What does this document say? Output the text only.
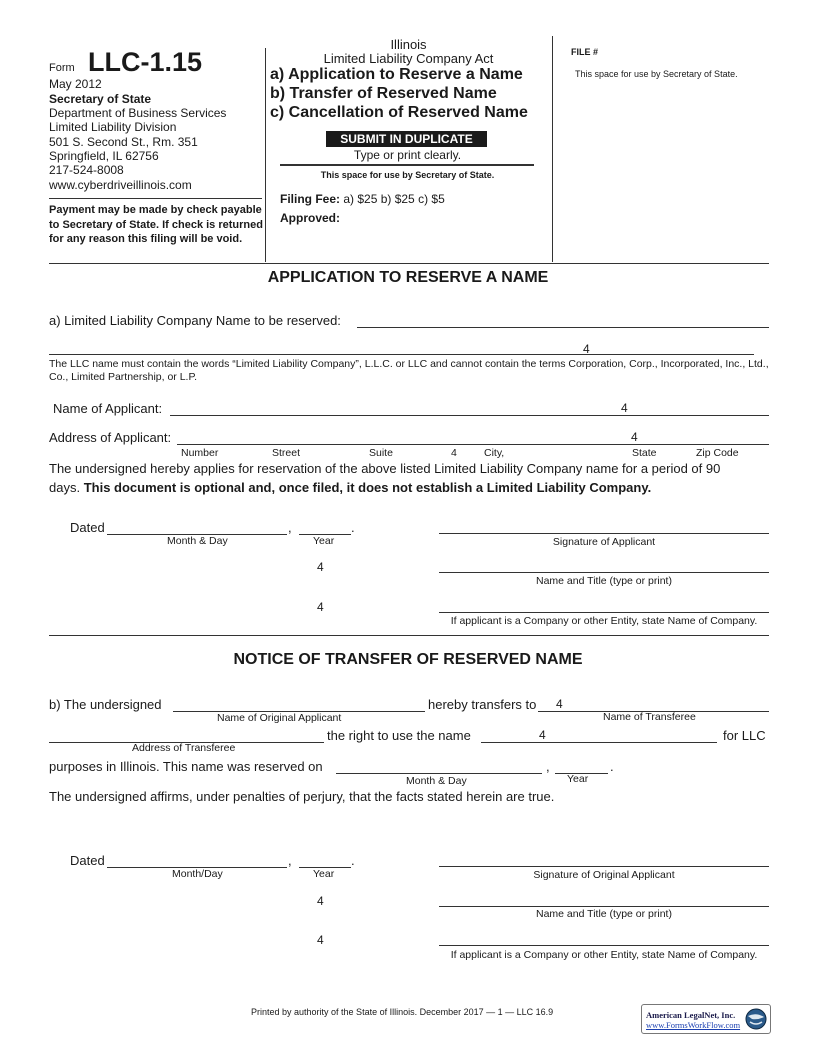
Form LLC-1.15
May 2012
Secretary of State
Department of Business Services
Limited Liability Division
501 S. Second St., Rm. 351
Springfield, IL 62756
217-524-8008
www.cyberdriveillinois.com
Payment may be made by check payable to Secretary of State. If check is returned for any reason this filing will be void.
Illinois
Limited Liability Company Act
a) Application to Reserve a Name
b) Transfer of Reserved Name
c) Cancellation of Reserved Name
SUBMIT IN DUPLICATE
Type or print clearly.
This space for use by Secretary of State.
Filing Fee: a) $25 b) $25 c) $5
Approved:
FILE #
This space for use by Secretary of State.
APPLICATION TO RESERVE A NAME
a) Limited Liability Company Name to be reserved:
4
The LLC name must contain the words “Limited Liability Company”, L.L.C. or LLC and cannot contain the terms Corporation, Corp., Incorporated, Inc., Ltd., Co., Limited Partnership, or L.P.
Name of Applicant:	4
Address of Applicant:	4
Number	Street	Suite	4	City,	State	Zip Code
The undersigned hereby applies for reservation of the above listed Limited Liability Company name for a period of 90
days. This document is optional and, once filed, it does not establish a Limited Liability Company.
Dated	,	.
Month & Day	Year	Signature of Applicant
4
Name and Title (type or print)
4
If applicant is a Company or other Entity, state Name of Company.
NOTICE OF TRANSFER OF RESERVED NAME
b) The undersigned	hereby transfers to 4
Name of Original Applicant	Name of Transferee
the right to use the name	4	for LLC
Address of Transferee
purposes in Illinois. This name was reserved on	,	.
Month & Day	Year
The undersigned affirms, under penalties of perjury, that the facts stated herein are true.
Dated	,	.
Month/Day	Year	Signature of Original Applicant
4
Name and Title (type or print)
4
If applicant is a Company or other Entity, state Name of Company.
Printed by authority of the State of Illinois. December 2017 — 1 — LLC 16.9	American LegalNet, Inc.
www.FormsWorkFlow.com
